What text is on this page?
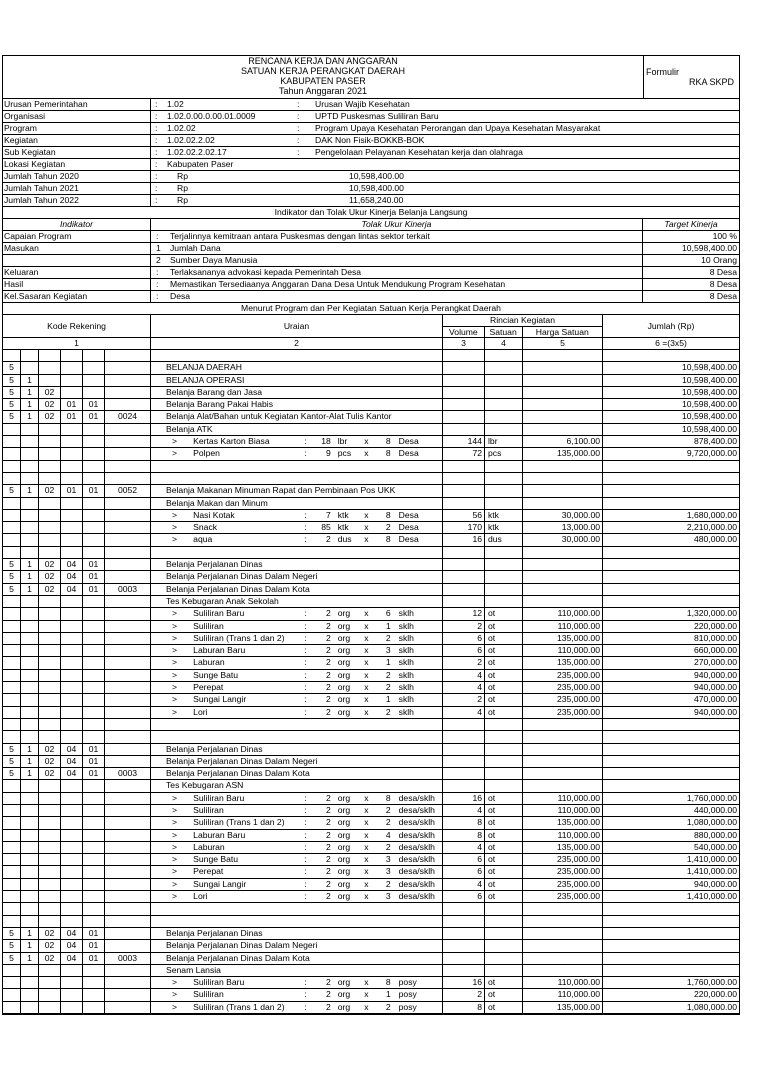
RENCANA KERJA DAN ANGGARAN
SATUAN KERJA PERANGKAT DAERAH
KABUPATEN PASER
Tahun Anggaran 2021
Formulir
RKA SKPD
Urusan Pemerintahan	:	1.02	:	Urusan Wajib Kesehatan
Organisasi	:	1.02.0.00.0.00.01.0009	:	UPTD Puskesmas Suliliran Baru
Program	:	1.02.02	:	Program Upaya Kesehatan Perorangan dan Upaya Kesehatan Masyarakat
Kegiatan	:	1.02.02.2.02	:	DAK Non Fisik-BOKKB-BOK
Sub Kegiatan	:	1.02.02.2.02.17	:	Pengelolaan Pelayanan Kesehatan kerja dan olahraga
Lokasi Kegiatan	:	Kabupaten Paser
Jumlah Tahun 2020	:	Rp	10,598,400.00
Jumlah Tahun 2021	:	Rp	10,598,400.00
Jumlah Tahun 2022	:	Rp	11,658,240.00
Indikator dan Tolak Ukur Kinerja Belanja Langsung
Indikator	Tolak Ukur Kinerja	Target Kinerja
Capaian Program	:	Terjalinnya kemitraan antara Puskesmas dengan lintas sektor terkait	100 %
Masukan	1	Jumlah Dana	10,598,400.00
2	Sumber Daya Manusia	10 Orang
Keluaran	:	Terlaksananya advokasi kepada Pemerintah Desa	8 Desa
Hasil	:	Memastikan Tersediaanya Anggaran Dana Desa Untuk Mendukung Program Kesehatan	8 Desa
Kel.Sasaran Kegiatan	:	Desa	8 Desa
Menurut Program dan Per Kegiatan Satuan Kerja Perangkat Daerah
Kode Rekening	Uraian
Rincian Kegiatan
Volume	Satuan	Harga Satuan
Jumlah (Rp)
1	2	3	4	5	6 =(3x5)
5	BELANJA DAERAH	10,598,400.00
5	1	BELANJA OPERASI	10,598,400.00
5	1	02	Belanja Barang dan Jasa	10,598,400.00
5	1	02	01	01	Belanja Barang Pakai Habis	10,598,400.00
5	1	02	01	01	0024	Belanja Alat/Bahan untuk Kegiatan Kantor-Alat Tulis Kantor	10,598,400.00
Belanja ATK	10,598,400.00
>	Kertas Karton Biasa	:	18 lbr	x	8 Desa	144 lbr	6,100.00	878,400.00
>	Polpen	:	9 pcs	x	8 Desa	72 pcs	135,000.00	9,720,000.00
5	1	02	01	01	0052	Belanja Makanan Minuman Rapat dan Pembinaan Pos UKK
Belanja Makan dan Minum
>	Nasi Kotak	:	7 ktk	x	8 Desa	56 ktk	30,000.00	1,680,000.00
>	Snack	:	85 ktk	x	2 Desa	170 ktk	13,000.00	2,210,000.00
>	aqua	:	2 dus	x	8 Desa	16 dus	30,000.00	480,000.00
5	1	02	04	01	Belanja Perjalanan Dinas
5	1	02	04	01	Belanja Perjalanan Dinas Dalam Negeri
5	1	02	04	01	0003	Belanja Perjalanan Dinas Dalam Kota
Tes Kebugaran Anak Sekolah
>	Suliliran Baru	:	2 org	x	6 sklh	12 ot	110,000.00	1,320,000.00
>	Suliliran	:	2 org	x	1 sklh	2 ot	110,000.00	220,000.00
>	Suliliran (Trans 1 dan 2)	:	2 org	x	2 sklh	6 ot	135,000.00	810,000.00
>	Laburan Baru	:	2 org	x	3 sklh	6 ot	110,000.00	660,000.00
>	Laburan	:	2 org	x	1 sklh	2 ot	135,000.00	270,000.00
>	Sunge Batu	:	2 org	x	2 sklh	4 ot	235,000.00	940,000.00
>	Perepat	:	2 org	x	2 sklh	4 ot	235,000.00	940,000.00
>	Sungai Langir	:	2 org	x	1 sklh	2 ot	235,000.00	470,000.00
>	Lori	:	2 org	x	2 sklh	4 ot	235,000.00	940,000.00
5	1	02	04	01	Belanja Perjalanan Dinas
5	1	02	04	01	Belanja Perjalanan Dinas Dalam Negeri
5	1	02	04	01	0003	Belanja Perjalanan Dinas Dalam Kota
Tes Kebugaran ASN
>	Suliliran Baru	:	2 org	x	8 desa/sklh	16 ot	110,000.00	1,760,000.00
>	Suliliran	:	2 org	x	2 desa/sklh	4 ot	110,000.00	440,000.00
>	Suliliran (Trans 1 dan 2)	:	2 org	x	2 desa/sklh	8 ot	135,000.00	1,080,000.00
>	Laburan Baru	:	2 org	x	4 desa/sklh	8 ot	110,000.00	880,000.00
>	Laburan	:	2 org	x	2 desa/sklh	4 ot	135,000.00	540,000.00
>	Sunge Batu	:	2 org	x	3 desa/sklh	6 ot	235,000.00	1,410,000.00
>	Perepat	:	2 org	x	3 desa/sklh	6 ot	235,000.00	1,410,000.00
>	Sungai Langir	:	2 org	x	2 desa/sklh	4 ot	235,000.00	940,000.00
>	Lori	:	2 org	x	3 desa/sklh	6 ot	235,000.00	1,410,000.00
5	1	02	04	01	Belanja Perjalanan Dinas
5	1	02	04	01	Belanja Perjalanan Dinas Dalam Negeri
5	1	02	04	01	0003	Belanja Perjalanan Dinas Dalam Kota
Senam Lansia
>	Suliliran Baru	:	2 org	x	8 posy	16 ot	110,000.00	1,760,000.00
>	Suliliran	:	2 org	x	1 posy	2 ot	110,000.00	220,000.00
>	Suliliran (Trans 1 dan 2)	:	2 org	x	2 posy	8 ot	135,000.00	1,080,000.00
